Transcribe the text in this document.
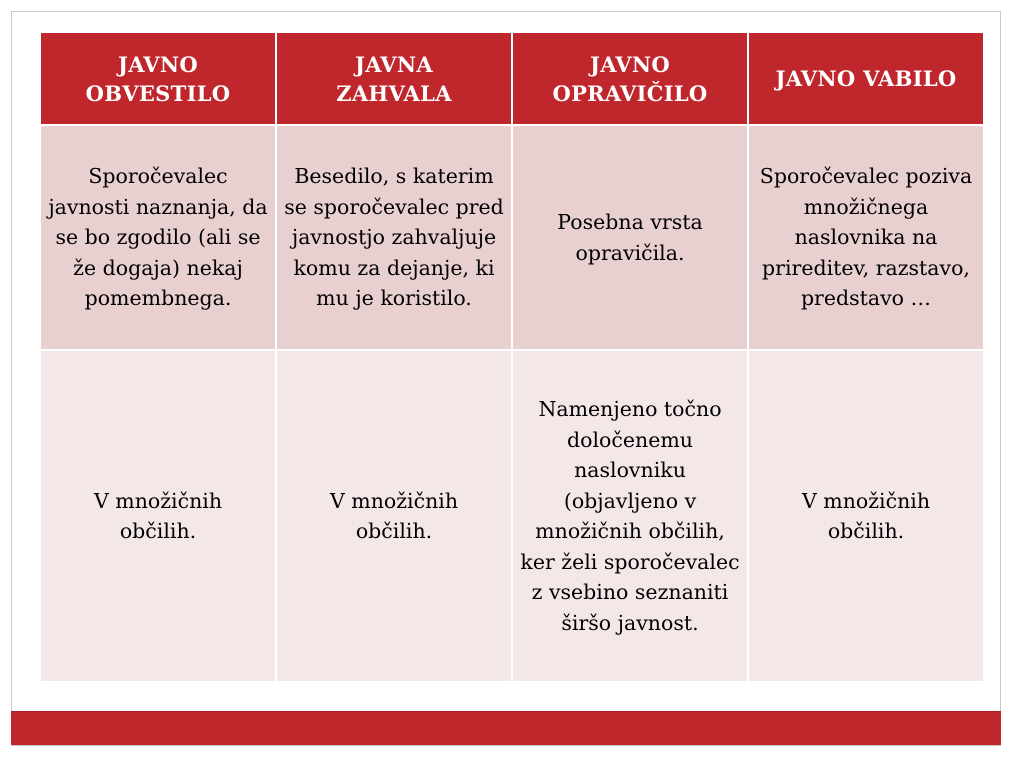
JAVNO OBVESTILO	JAVNA ZAHVALA	JAVNO OPRAVIČILO	JAVNO VABILO
Sporočevalec javnosti naznanja, da se bo zgodilo (ali se že dogaja) nekaj pomembnega.	Besedilo, s katerim se sporočevalec pred javnostjo zahvaljuje komu za dejanje, ki mu je koristilo.	Posebna vrsta opravičila.	Sporočevalec poziva množičnega naslovnika na prireditev, razstavo, predstavo …
V množičnih občilih.	V množičnih občilih.	Namenjeno točno določenemu naslovniku (objavljeno v množičnih občilih, ker želi sporočevalec z vsebino seznaniti širšo javnost.	V množičnih občilih.
